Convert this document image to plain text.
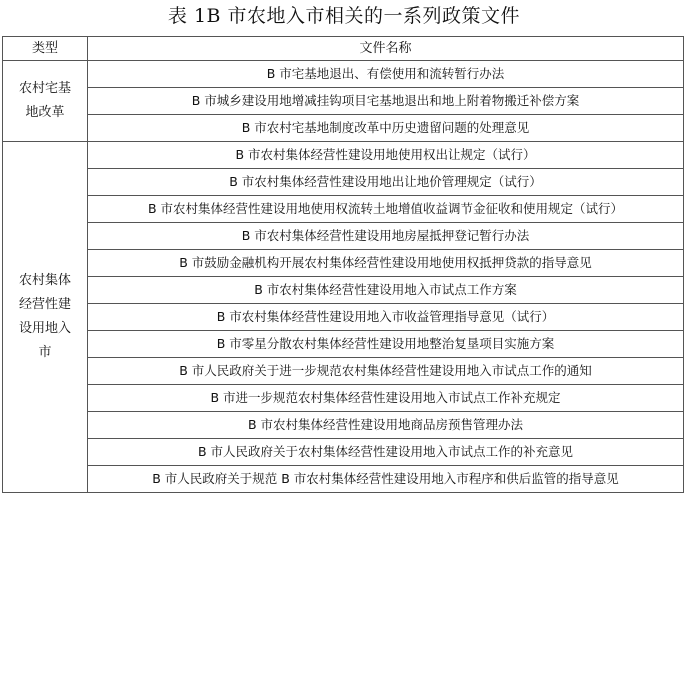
表 1B 市农地入市相关的一系列政策文件
类型	文件名称
农村宅基地改革	B 市宅基地退出、有偿使用和流转暂行办法
	B 市城乡建设用地增减挂钩项目宅基地退出和地上附着物搬迁补偿方案
	B 市农村宅基地制度改革中历史遗留问题的处理意见
农村集体经营性建设用地入市	B 市农村集体经营性建设用地使用权出让规定（试行）
	B 市农村集体经营性建设用地出让地价管理规定（试行）
	B 市农村集体经营性建设用地使用权流转土地增值收益调节金征收和使用规定（试行）
	B 市农村集体经营性建设用地房屋抵押登记暂行办法
	B 市鼓励金融机构开展农村集体经营性建设用地使用权抵押贷款的指导意见
	B 市农村集体经营性建设用地入市试点工作方案
	B 市农村集体经营性建设用地入市收益管理指导意见（试行）
	B 市零星分散农村集体经营性建设用地整治复垦项目实施方案
	B 市人民政府关于进一步规范农村集体经营性建设用地入市试点工作的通知
	B 市进一步规范农村集体经营性建设用地入市试点工作补充规定
	B 市农村集体经营性建设用地商品房预售管理办法
	B 市人民政府关于农村集体经营性建设用地入市试点工作的补充意见
	B 市人民政府关于规范 B 市农村集体经营性建设用地入市程序和供后监管的指导意见
